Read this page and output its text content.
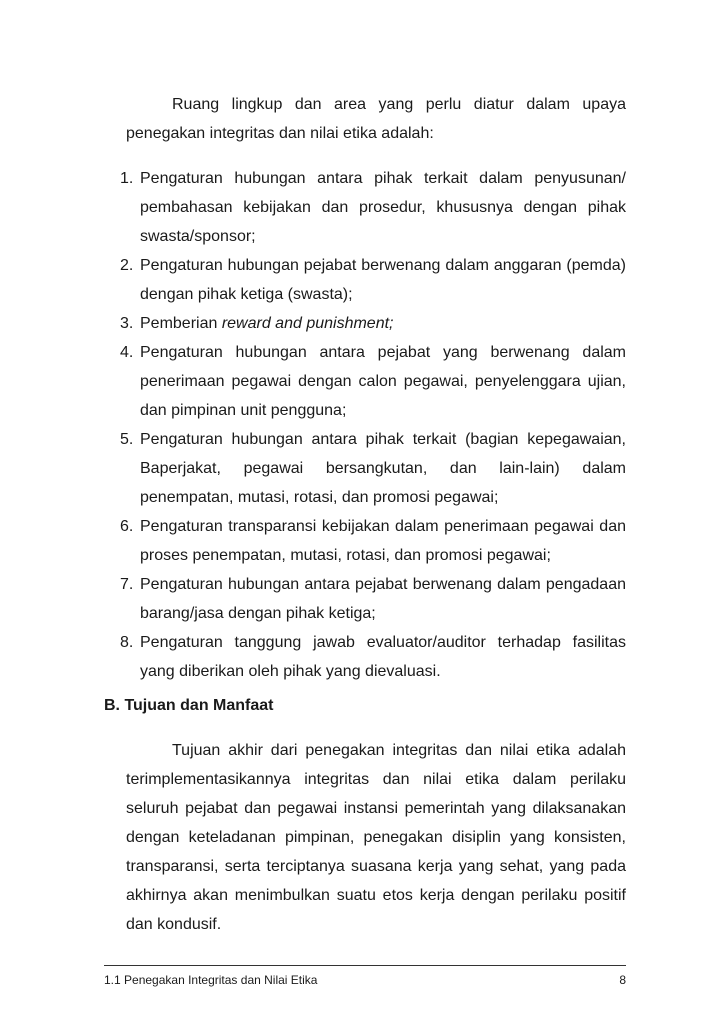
Ruang lingkup dan area yang perlu diatur dalam upaya penegakan integritas dan nilai etika adalah:

1. Pengaturan hubungan antara pihak terkait dalam penyusunan/ pembahasan kebijakan dan prosedur, khususnya dengan pihak swasta/sponsor;
2. Pengaturan hubungan pejabat berwenang dalam anggaran (pemda) dengan pihak ketiga (swasta);
3. Pemberian reward and punishment;
4. Pengaturan hubungan antara pejabat yang berwenang dalam penerimaan pegawai dengan calon pegawai, penyelenggara ujian, dan pimpinan unit pengguna;
5. Pengaturan hubungan antara pihak terkait (bagian kepegawaian, Baperjakat, pegawai bersangkutan, dan lain-lain) dalam penempatan, mutasi, rotasi, dan promosi pegawai;
6. Pengaturan transparansi kebijakan dalam penerimaan pegawai dan proses penempatan, mutasi, rotasi, dan promosi pegawai;
7. Pengaturan hubungan antara pejabat berwenang dalam pengadaan barang/jasa dengan pihak ketiga;
8. Pengaturan tanggung jawab evaluator/auditor terhadap fasilitas yang diberikan oleh pihak yang dievaluasi.
B. Tujuan dan Manfaat

Tujuan akhir dari penegakan integritas dan nilai etika adalah terimplementasikannya integritas dan nilai etika dalam perilaku seluruh pejabat dan pegawai instansi pemerintah yang dilaksanakan dengan keteladanan pimpinan, penegakan disiplin yang konsisten, transparansi, serta terciptanya suasana kerja yang sehat, yang pada akhirnya akan menimbulkan suatu etos kerja dengan perilaku positif dan kondusif.

1.1 Penegakan Integritas dan Nilai Etika	8
